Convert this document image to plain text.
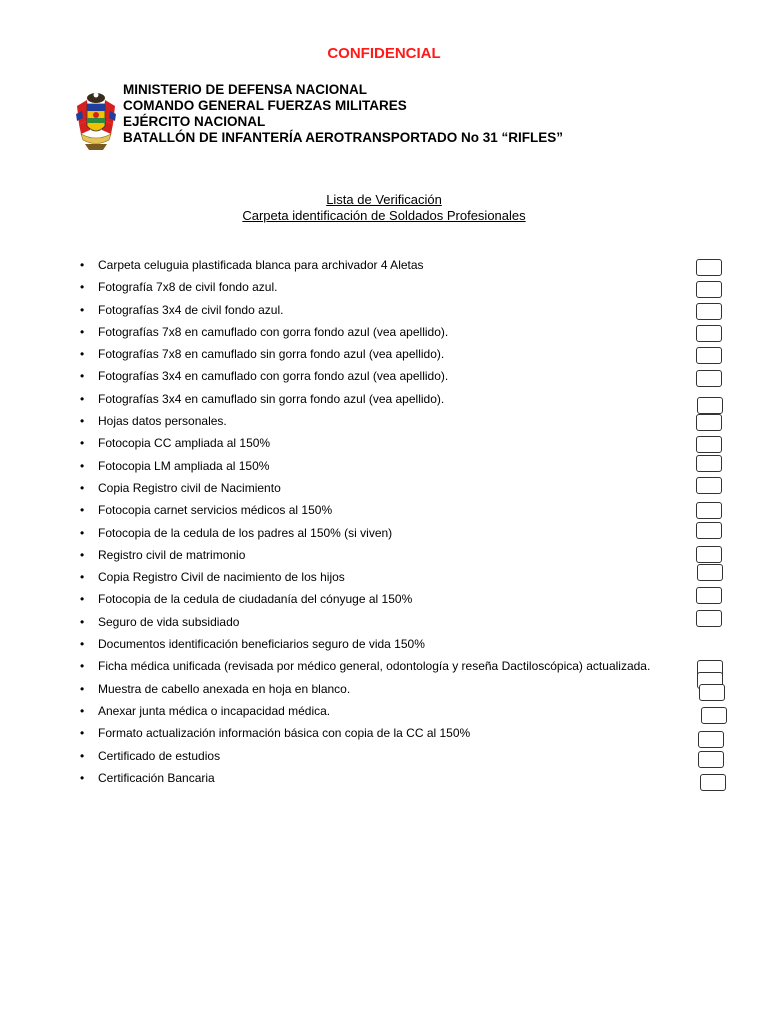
CONFIDENCIAL
MINISTERIO DE DEFENSA NACIONAL
COMANDO GENERAL FUERZAS MILITARES
EJÉRCITO NACIONAL
BATALLÓN DE INFANTERÍA AEROTRANSPORTADO No 31 “RIFLES”
Lista de Verificación
Carpeta identificación de Soldados Profesionales
• Carpeta celuguia plastificada blanca para archivador 4 Aletas
• Fotografía 7x8 de civil fondo azul.
• Fotografías 3x4 de civil fondo azul.
• Fotografías 7x8 en camuflado con gorra fondo azul (vea apellido).
• Fotografías 7x8 en camuflado sin gorra fondo azul (vea apellido).
• Fotografías 3x4 en camuflado con gorra fondo azul (vea apellido).
• Fotografías 3x4 en camuflado sin gorra fondo azul (vea apellido).
• Hojas datos personales.
• Fotocopia CC ampliada al 150%
• Fotocopia LM ampliada al 150%
• Copia Registro civil de Nacimiento
• Fotocopia carnet servicios médicos al 150%
• Fotocopia de la cedula de los padres al 150% (si viven)
• Registro civil de matrimonio
• Copia Registro Civil de nacimiento de los hijos
• Fotocopia de la cedula de ciudadanía del cónyuge al 150%
• Seguro de vida subsidiado
• Documentos identificación beneficiarios seguro de vida 150%
• Ficha médica unificada (revisada por médico general, odontología y reseña Dactiloscópica) actualizada.
• Muestra de cabello anexada en hoja en blanco.
• Anexar junta médica o incapacidad médica.
• Formato actualización información básica con copia de la CC al 150%
• Certificado de estudios
• Certificación Bancaria
